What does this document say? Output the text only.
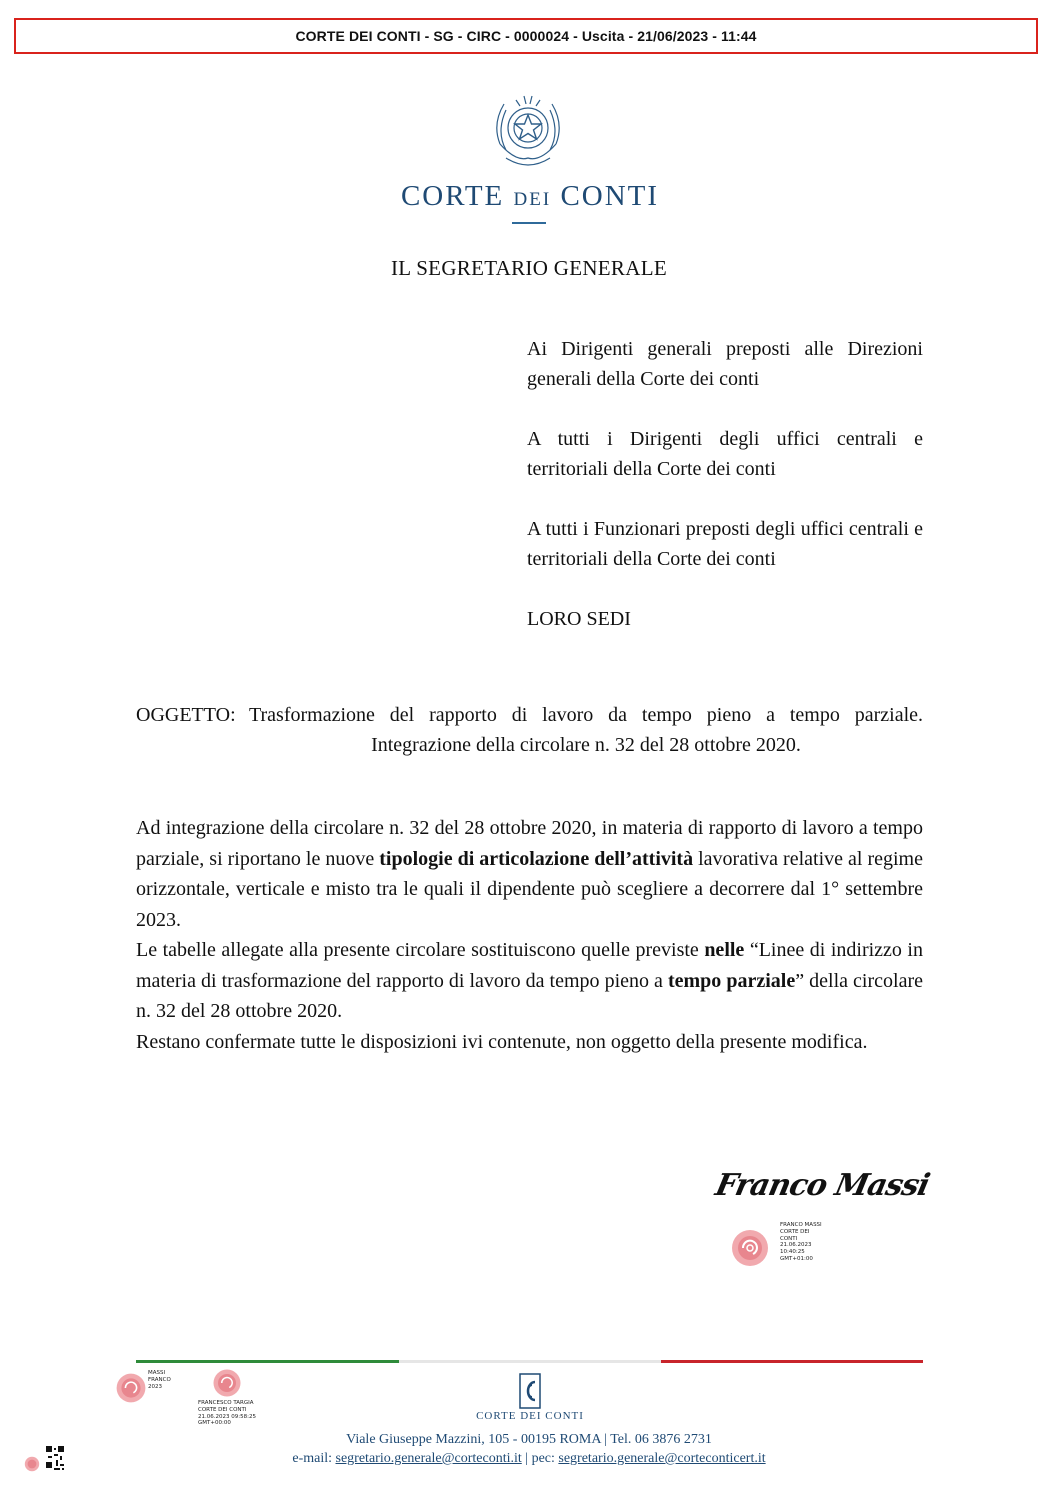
CORTE DEI CONTI - SG - CIRC - 0000024 - Uscita - 21/06/2023 - 11:44
CORTE DEI CONTI
IL SEGRETARIO GENERALE

Ai Dirigenti generali preposti alle Direzioni generali della Corte dei conti

A tutti i Dirigenti degli uffici centrali e territoriali della Corte dei conti

A tutti i Funzionari preposti degli uffici centrali e territoriali della Corte dei conti

LORO SEDI

OGGETTO: Trasformazione del rapporto di lavoro da tempo pieno a tempo parziale. Integrazione della circolare n. 32 del 28 ottobre 2020.

Ad integrazione della circolare n. 32 del 28 ottobre 2020, in materia di rapporto di lavoro a tempo parziale, si riportano le nuove tipologie di articolazione dell’attività lavorativa relative al regime orizzontale, verticale e misto tra le quali il dipendente può scegliere a decorrere dal 1° settembre 2023.

Le tabelle allegate alla presente circolare sostituiscono quelle previste nelle “Linee di indirizzo in materia di trasformazione del rapporto di lavoro da tempo pieno a tempo parziale” della circolare n. 32 del 28 ottobre 2020.

Restano confermate tutte le disposizioni ivi contenute, non oggetto della presente modifica.

Franco Massi
FRANCO MASSI
CORTE DEI
CONTI
21.06.2023
10:40:25
GMT+01:00
MASSI
FRANCO
2023
FRANCESCO TARGIA
CORTE DEI CONTI
21.06.2023 09:58:25
GMT+00:00
CORTE DEI CONTI
Viale Giuseppe Mazzini, 105 - 00195 ROMA | Tel. 06 3876 2731
e-mail: segretario.generale@corteconti.it | pec: segretario.generale@corteconticert.it
